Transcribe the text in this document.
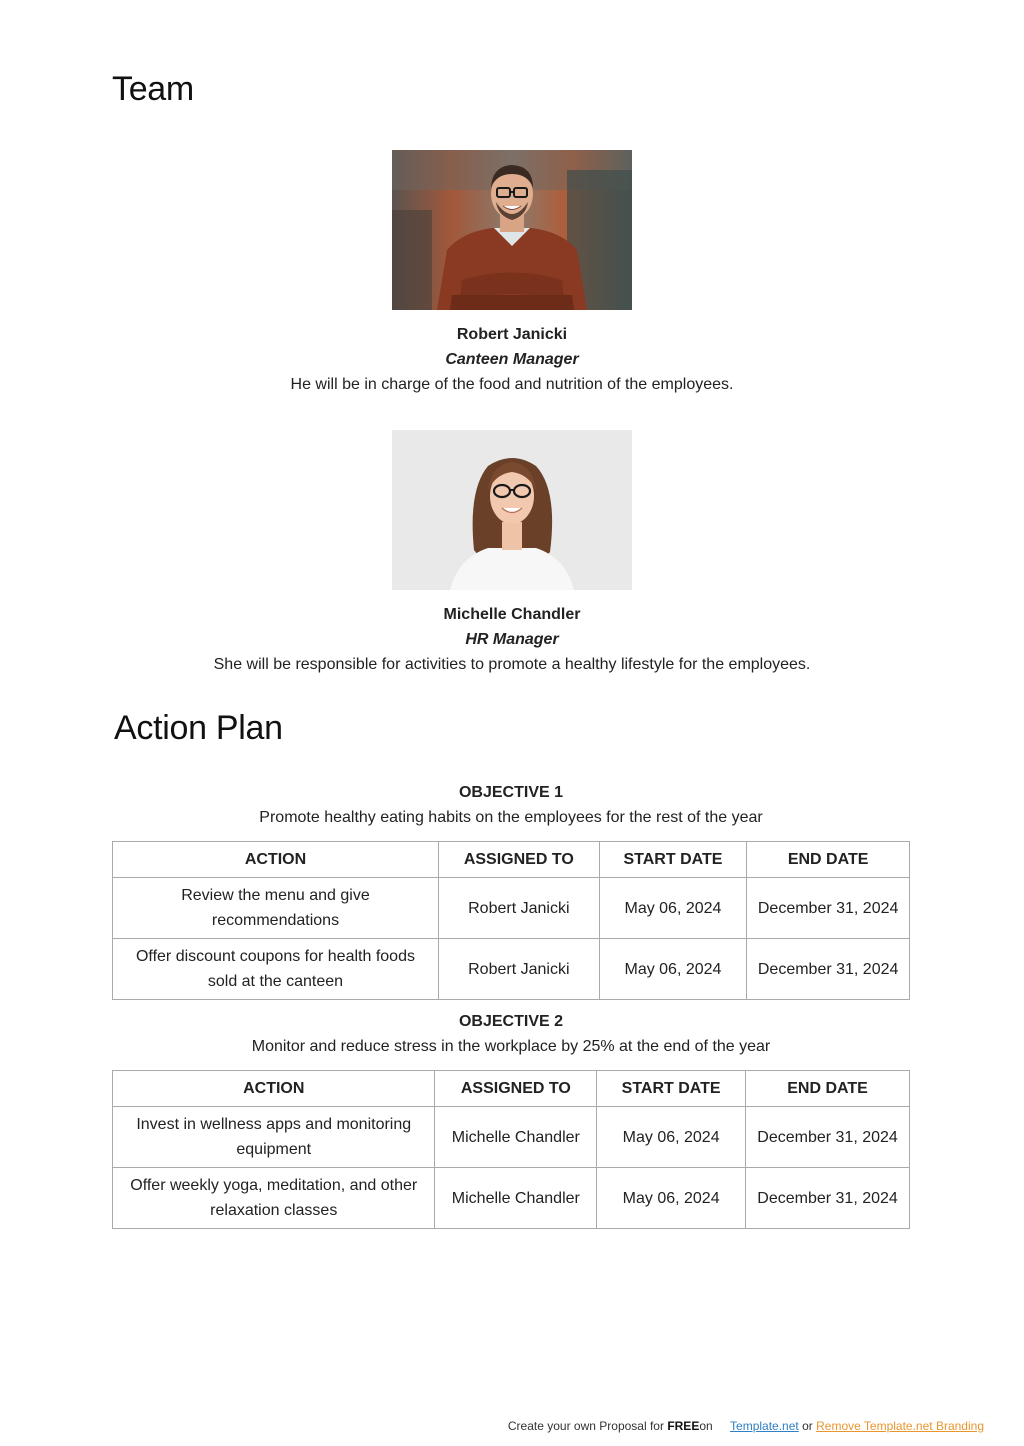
Team
Robert Janicki
Canteen Manager
He will be in charge of the food and nutrition of the employees.
Michelle Chandler
HR Manager
She will be responsible for activities to promote a healthy lifestyle for the employees.
Action Plan
OBJECTIVE 1
Promote healthy eating habits on the employees for the rest of the year
ACTION	ASSIGNED TO	START DATE	END DATE
Review the menu and give recommendations	Robert Janicki	May 06, 2024	December 31, 2024
Offer discount coupons for health foods sold at the canteen	Robert Janicki	May 06, 2024	December 31, 2024
OBJECTIVE 2
Monitor and reduce stress in the workplace by 25% at the end of the year
ACTION	ASSIGNED TO	START DATE	END DATE
Invest in wellness apps and monitoring equipment	Michelle Chandler	May 06, 2024	December 31, 2024
Offer weekly yoga, meditation, and other relaxation classes	Michelle Chandler	May 06, 2024	December 31, 2024
Create your own Proposal for FREEon Template.net or Remove Template.net Branding
